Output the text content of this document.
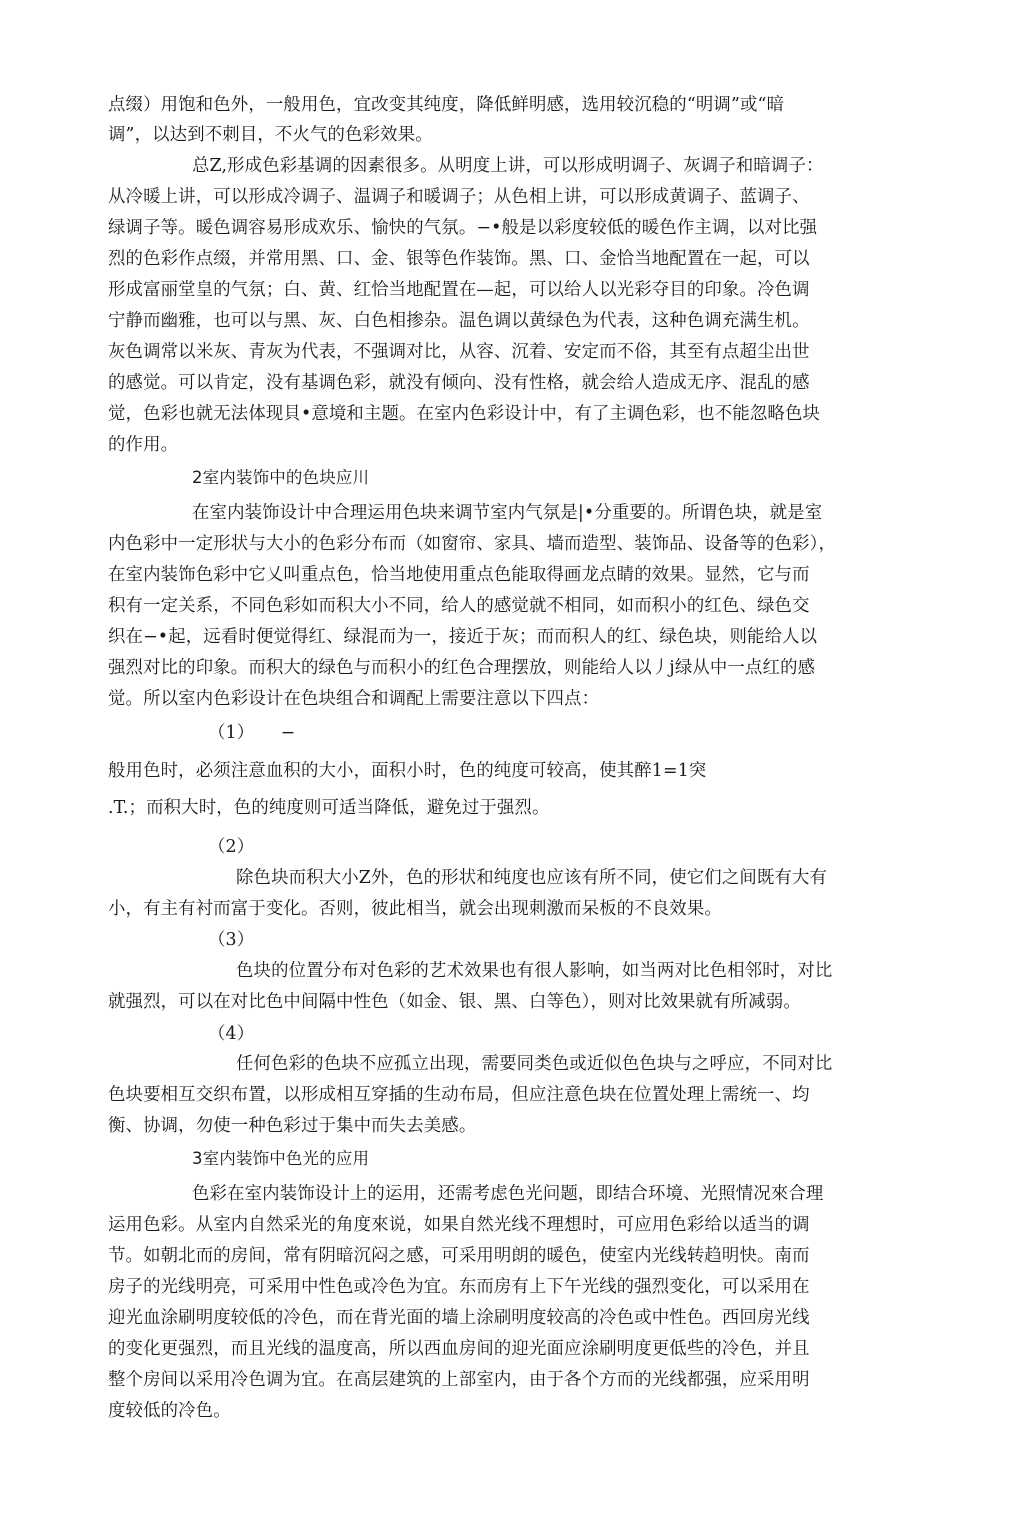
点缀）用饱和色外，一般用色，宜改变其纯度，降低鲜明感，选用较沉稳的“明调”或“暗
调”，以达到不刺目，不火气的色彩效果。
总Z,形成色彩基调的因素很多。从明度上讲，可以形成明调子、灰调子和暗调子：
从冷暖上讲，可以形成冷调子、温调子和暖调子；从色相上讲，可以形成黄调子、蓝调子、
绿调子等。暖色调容易形成欢乐、愉快的气氛。−•般是以彩度较低的暖色作主调，以对比强
烈的色彩作点缀，并常用黑、口、金、银等色作装饰。黑、口、金恰当地配置在一起，可以
形成富丽堂皇的气氛；白、黄、红恰当地配置在—起，可以给人以光彩夺目的印象。冷色调
宁静而幽雅，也可以与黑、灰、白色相掺杂。温色调以黄绿色为代表，这种色调充满生机。
灰色调常以米灰、青灰为代表，不强调对比，从容、沉着、安定而不俗，其至有点超尘出世
的感觉。可以肯定，没有基调色彩，就没有倾向、没有性格，就会给人造成无序、混乱的感
觉，色彩也就无法体现貝•意境和主题。在室内色彩设计中，有了主调色彩，也不能忽略色块
的作用。
2室内装饰中的色块应川
在室内装饰设计中合理运用色块来调节室内气氛是|•分重要的。所谓色块，就是室
内色彩中一定形状与大小的色彩分布而（如窗帘、家具、墙而造型、装饰品、设备等的色彩），
在室内装饰色彩中它乂叫重点色，恰当地使用重点色能取得画龙点睛的效果。显然，它与而
积有一定关系，不同色彩如而积大小不同，给人的感觉就不相同，如而积小的红色、绿色交
织在−•起，远看时便觉得红、绿混而为一，接近于灰；而而积人的红、绿色块，则能给人以
强烈对比的印象。而积大的绿色与而积小的红色合理摆放，则能给人以丿j绿从中一点红的感
觉。所以室内色彩设计在色块组合和调配上需要注意以下四点：
（1）　　−
般用色时，必须注意血积的大小，面积小时，色的纯度可较高，使其醉1=1突
.T.；而积大时，色的纯度则可适当降低，避免过于强烈。
（2）
除色块而积大小Z外，色的形状和纯度也应该有所不同，使它们之间既有大有
小，有主有衬而富于变化。否则，彼此相当，就会出现刺激而呆板的不良效果。
（3）
色块的位置分布对色彩的艺术效果也有很人影响，如当两对比色相邻时，对比
就强烈，可以在对比色中间隔中性色（如金、银、黑、白等色），则对比效果就有所减弱。
（4）
任何色彩的色块不应孤立出现，需要同类色或近似色色块与之呼应，不同对比
色块要相互交织布置，以形成相互穿插的生动布局，但应注意色块在位置处理上需统一、均
衡、协调，勿使一种色彩过于集中而失去美感。
3室内装饰中色光的应用
色彩在室内装饰设计上的运用，还需考虑色光问题，即结合环境、光照情况來合理
运用色彩。从室内自然采光的角度來说，如果自然光线不理想时，可应用色彩给以适当的调
节。如朝北而的房间，常有阴暗沉闷之感，可采用明朗的暖色，使室内光线转趋明快。南而
房子的光线明亮，可采用中性色或冷色为宜。东而房有上下午光线的强烈变化，可以采用在
迎光血涂刷明度较低的冷色，而在背光面的墙上涂刷明度较高的冷色或中性色。西回房光线
的变化更强烈，而且光线的温度高，所以西血房间的迎光面应涂刷明度更低些的冷色，并且
整个房间以采用冷色调为宜。在高层建筑的上部室内，由于各个方而的光线都强，应采用明
度较低的冷色。
